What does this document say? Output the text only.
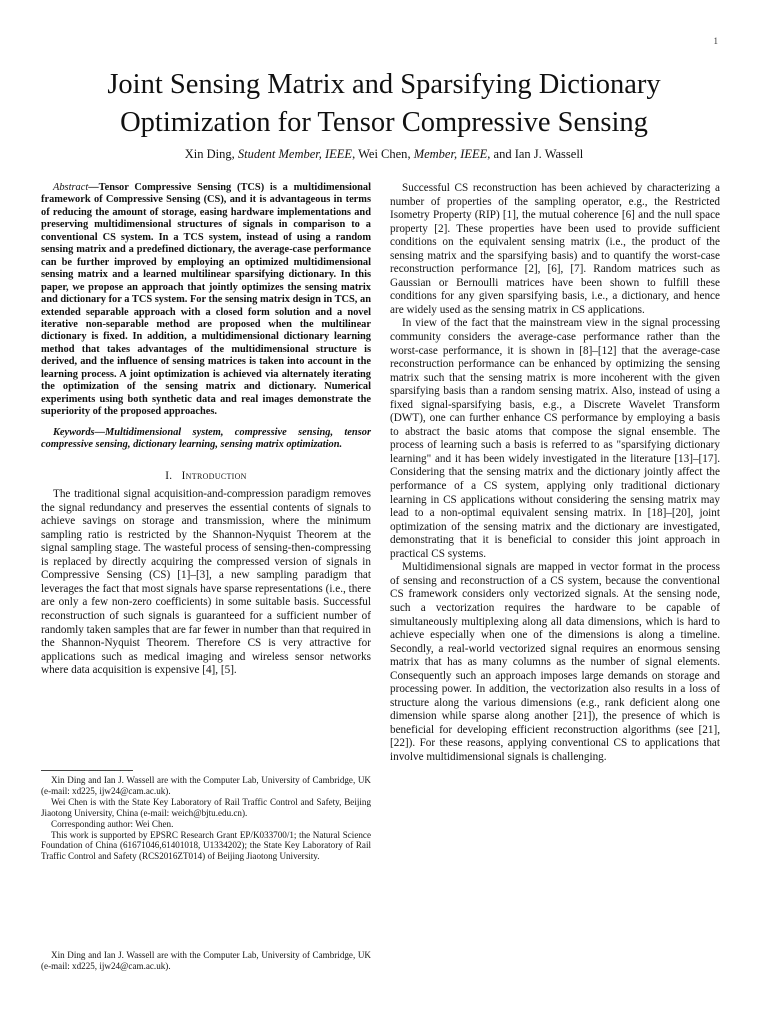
1
Joint Sensing Matrix and Sparsifying Dictionary Optimization for Tensor Compressive Sensing
Xin Ding, Student Member, IEEE, Wei Chen, Member, IEEE, and Ian J. Wassell

Abstract—Tensor Compressive Sensing (TCS) is a multidimensional framework of Compressive Sensing (CS), and it is advantageous in terms of reducing the amount of storage, easing hardware implementations and preserving multidimensional structures of signals in comparison to a conventional CS system. In a TCS system, instead of using a random sensing matrix and a predefined dictionary, the average-case performance can be further improved by employing an optimized multidimensional sensing matrix and a learned multilinear sparsifying dictionary. In this paper, we propose an approach that jointly optimizes the sensing matrix and dictionary for a TCS system. For the sensing matrix design in TCS, an extended separable approach with a closed form solution and a novel iterative non-separable method are proposed when the multilinear dictionary is fixed. In addition, a multidimensional dictionary learning method that takes advantages of the multidimensional structure is derived, and the influence of sensing matrices is taken into account in the learning process. A joint optimization is achieved via alternately iterating the optimization of the sensing matrix and dictionary. Numerical experiments using both synthetic data and real images demonstrate the superiority of the proposed approaches.

Keywords—Multidimensional system, compressive sensing, tensor compressive sensing, dictionary learning, sensing matrix optimization.

I. Introduction

The traditional signal acquisition-and-compression paradigm removes the signal redundancy and preserves the essential contents of signals to achieve savings on storage and transmission, where the minimum sampling ratio is restricted by the Shannon-Nyquist Theorem at the signal sampling stage. The wasteful process of sensing-then-compressing is replaced by directly acquiring the compressed version of signals in Compressive Sensing (CS) [1]–[3], a new sampling paradigm that leverages the fact that most signals have sparse representations (i.e., there are only a few non-zero coefficients) in some suitable basis. Successful reconstruction of such signals is guaranteed for a sufficient number of randomly taken samples that are far fewer in number than that required in the Shannon-Nyquist Theorem. Therefore CS is very attractive for applications such as medical imaging and wireless sensor networks where data acquisition is expensive [4], [5].

Xin Ding and Ian J. Wassell are with the Computer Lab, University of Cambridge, UK (e-mail: xd225, ijw24@cam.ac.uk).

Wei Chen is with the State Key Laboratory of Rail Traffic Control and Safety, Beijing Jiaotong University, China (e-mail: weich@bjtu.edu.cn).

Corresponding author: Wei Chen.

This work is supported by EPSRC Research Grant EP/K033700/1; the Natural Science Foundation of China (61671046,61401018, U1334202); the State Key Laboratory of Rail Traffic Control and Safety (RCS2016ZT014) of Beijing Jiaotong University.

Xin Ding and Ian J. Wassell are with the Computer Lab, University of Cambridge, UK (e-mail: xd225, ijw24@cam.ac.uk).

Successful CS reconstruction has been achieved by characterizing a number of properties of the sampling operator, e.g., the Restricted Isometry Property (RIP) [1], the mutual coherence [6] and the null space property [2]. These properties have been used to provide sufficient conditions on the equivalent sensing matrix (i.e., the product of the sensing matrix and the sparsifying basis) and to quantify the worst-case reconstruction performance [2], [6], [7]. Random matrices such as Gaussian or Bernoulli matrices have been shown to fulfill these conditions for any given sparsifying basis, i.e., a dictionary, and hence are widely used as the sensing matrix in CS applications.

In view of the fact that the mainstream view in the signal processing community considers the average-case performance rather than the worst-case performance, it is shown in [8]–[12] that the average-case reconstruction performance can be enhanced by optimizing the sensing matrix such that the sensing matrix is more incoherent with the given sparsifying basis than a random sensing matrix. Also, instead of using a fixed signal-sparsifying basis, e.g., a Discrete Wavelet Transform (DWT), one can further enhance CS performance by employing a basis to abstract the basic atoms that compose the signal ensemble. The process of learning such a basis is referred to as "sparsifying dictionary learning" and it has been widely investigated in the literature [13]–[17]. Considering that the sensing matrix and the dictionary jointly affect the performance of a CS system, applying only traditional dictionary learning in CS applications without considering the sensing matrix may lead to a non-optimal equivalent sensing matrix. In [18]–[20], joint optimization of the sensing matrix and the dictionary are investigated, demonstrating that it is beneficial to consider this joint approach in practical CS systems.

Multidimensional signals are mapped in vector format in the process of sensing and reconstruction of a CS system, because the conventional CS framework considers only vectorized signals. At the sensing node, such a vectorization requires the hardware to be capable of simultaneously multiplexing along all data dimensions, which is hard to achieve especially when one of the dimensions is along a timeline. Secondly, a real-world vectorized signal requires an enormous sensing matrix that has as many columns as the number of signal elements. Consequently such an approach imposes large demands on storage and processing power. In addition, the vectorization also results in a loss of structure along the various dimensions (e.g., rank deficient along one dimension while sparse along another [21]), the presence of which is beneficial for developing efficient reconstruction algorithms (see [21], [22]). For these reasons, applying conventional CS to applications that involve multidimensional signals is challenging.
